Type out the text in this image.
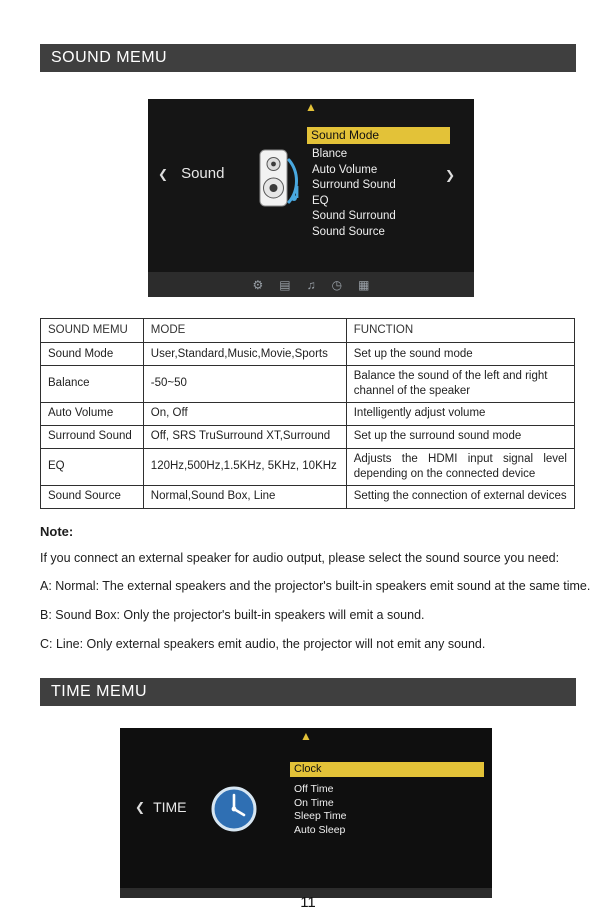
SOUND MEMU
▲
Sound Mode
Blance
Auto Volume
Surround Sound
EQ
Sound Surround
Sound Source
❮ Sound	❯
⚙ ▤ ♫ ◷ ▦
SOUND MEMU	MODE	FUNCTION
Sound Mode	User,Standard,Music,Movie,Sports	Set up the sound mode
Balance	-50~50	Balance the sound of the left and right channel of the speaker
Auto Volume	On, Off	Intelligently adjust volume
Surround Sound	Off, SRS TruSurround XT,Surround	Set up the surround sound mode
EQ	120Hz,500Hz,1.5KHz, 5KHz, 10KHz	Adjusts the HDMI input signal level depending on the connected device
Sound Source	Normal,Sound Box, Line	Setting the connection of external devices
Note:

If you connect an external speaker for audio output, please select the sound source you need:

A: Normal: The external speakers and the projector's built-in speakers emit sound at the same time.

B: Sound Box: Only the projector's built-in speakers will emit a sound.

C: Line: Only external speakers emit audio, the projector will not emit any sound.

TIME MEMU
▲
Clock
Off Time
On Time
Sleep Time
Auto Sleep
❮ TIME
11
